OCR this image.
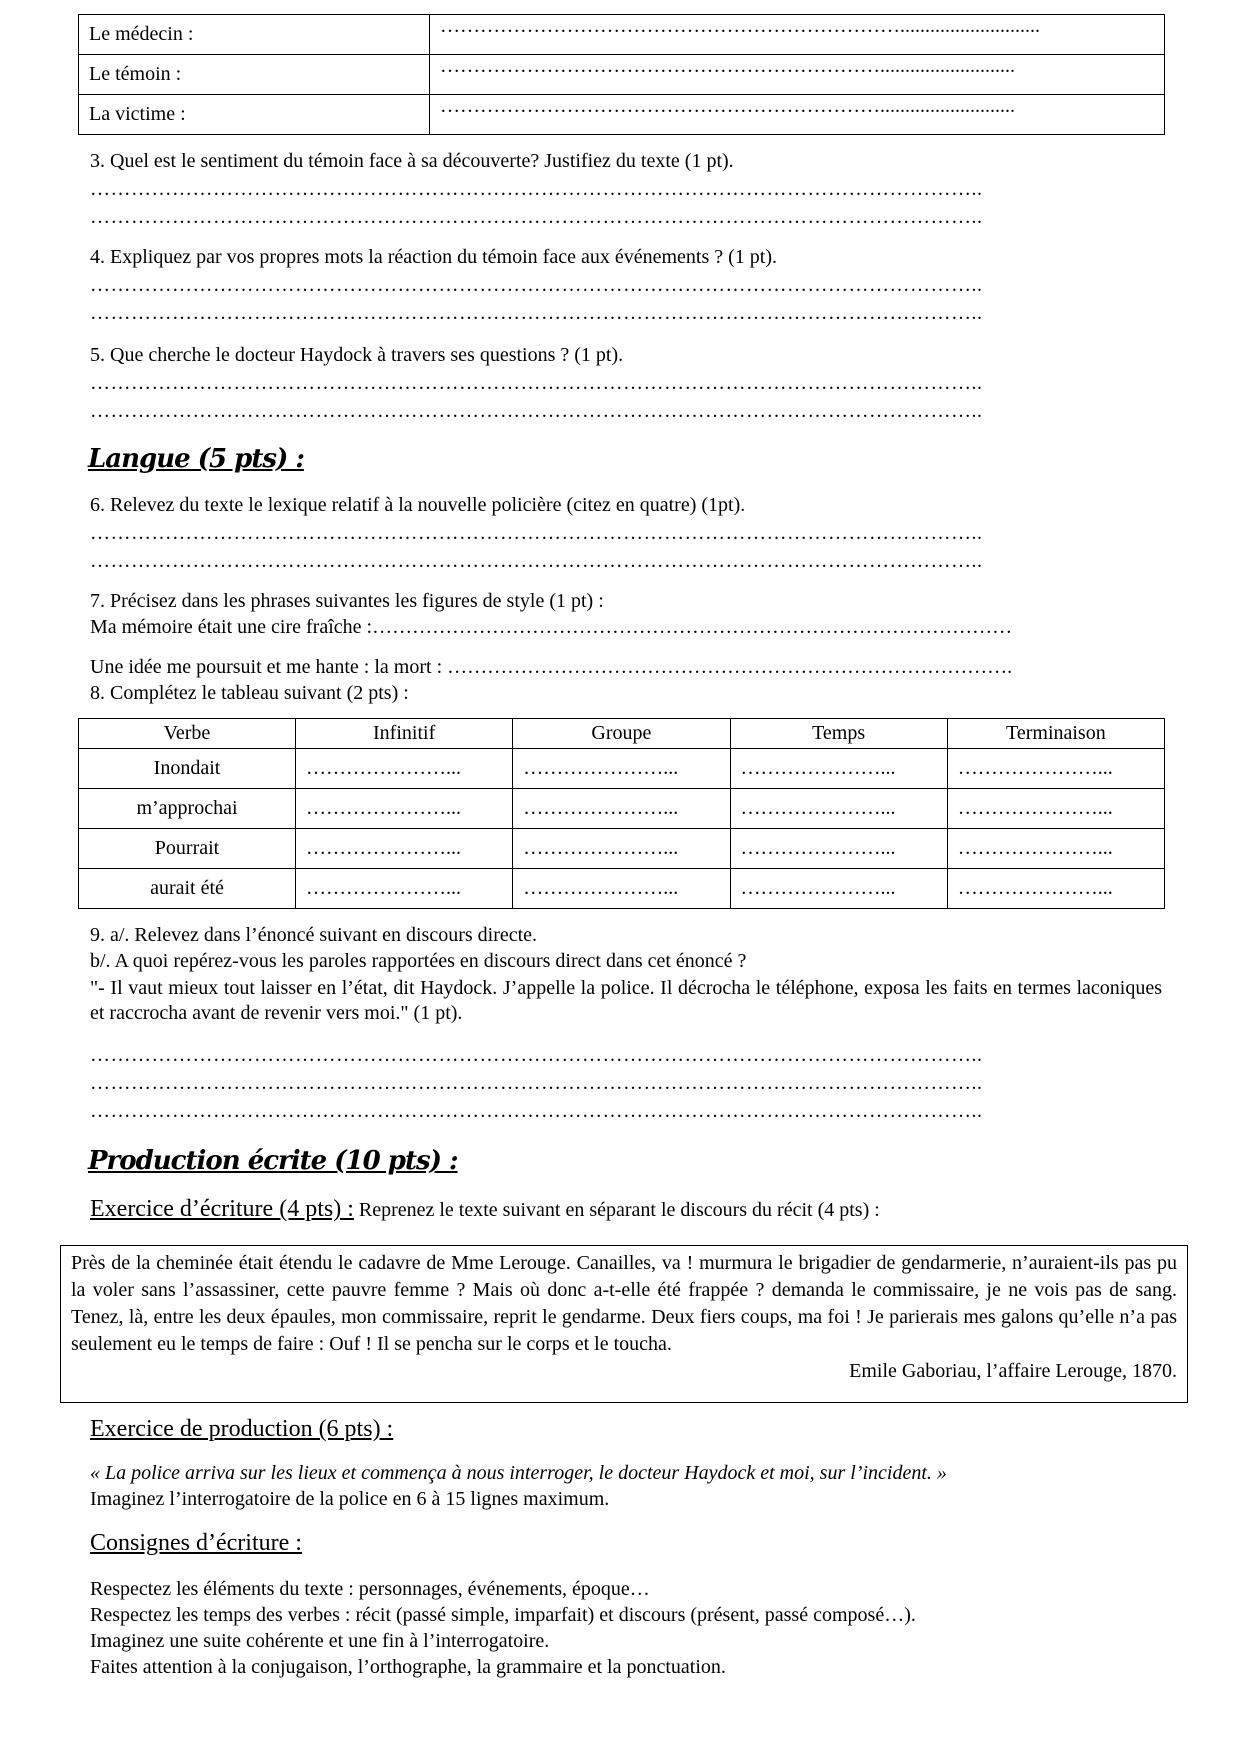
Le médecin :	……………………………………………………………............................
Le témoin :	…………………………………………………………...........................
La victime :	…………………………………………………………...........................
3. Quel est le sentiment du témoin face à sa découverte? Justifiez du texte (1 pt).
…………………………………………………………………………………………………………………..
…………………………………………………………………………………………………………………..
4. Expliquez par vos propres mots la réaction du témoin face aux événements ? (1 pt).
…………………………………………………………………………………………………………………..
…………………………………………………………………………………………………………………..
5. Que cherche le docteur Haydock à travers ses questions ? (1 pt).
…………………………………………………………………………………………………………………..
…………………………………………………………………………………………………………………..
Langue (5 pts) :
6. Relevez du texte le lexique relatif à la nouvelle policière (citez en quatre) (1pt).
…………………………………………………………………………………………………………………..
…………………………………………………………………………………………………………………..
7. Précisez dans les phrases suivantes les figures de style (1 pt) :
Ma mémoire était une cire fraîche :……………………………………………………………………………………
Une idée me poursuit et me hante : la mort : ………………………………………………………………………….
8. Complétez le tableau suivant (2 pts) :
Verbe	Infinitif	Groupe	Temps	Terminaison
Inondait	…………………...	…………………...	…………………...	…………………...
m’approchai	…………………...	…………………...	…………………...	…………………...
Pourrait	…………………...	…………………...	…………………...	…………………...
aurait été	…………………...	…………………...	…………………...	…………………...
9. a/. Relevez dans l’énoncé suivant en discours directe.
b/. A quoi repérez-vous les paroles rapportées en discours direct dans cet énoncé ?
"- Il vaut mieux tout laisser en l’état, dit Haydock. J’appelle la police. Il décrocha le téléphone, exposa les faits en termes laconiques et raccrocha avant de revenir vers moi." (1 pt).
…………………………………………………………………………………………………………………..
…………………………………………………………………………………………………………………..
…………………………………………………………………………………………………………………..
Production écrite (10 pts) :
Exercice d’écriture (4 pts) : Reprenez le texte suivant en séparant le discours du récit (4 pts) :
Près de la cheminée était étendu le cadavre de Mme Lerouge. Canailles, va ! murmura le brigadier de gendarmerie, n’auraient-ils pas pu la voler sans l’assassiner, cette pauvre femme ? Mais où donc a-t-elle été frappée ? demanda le commissaire, je ne vois pas de sang. Tenez, là, entre les deux épaules, mon commissaire, reprit le gendarme. Deux fiers coups, ma foi ! Je parierais mes galons qu’elle n’a pas seulement eu le temps de faire : Ouf ! Il se pencha sur le corps et le toucha.
Emile Gaboriau, l’affaire Lerouge, 1870.
Exercice de production (6 pts) :
« La police arriva sur les lieux et commença à nous interroger, le docteur Haydock et moi, sur l’incident. »
Imaginez l’interrogatoire de la police en 6 à 15 lignes maximum.
Consignes d’écriture :
Respectez les éléments du texte : personnages, événements, époque…
Respectez les temps des verbes : récit (passé simple, imparfait) et discours (présent, passé composé…).
Imaginez une suite cohérente et une fin à l’interrogatoire.
Faites attention à la conjugaison, l’orthographe, la grammaire et la ponctuation.
